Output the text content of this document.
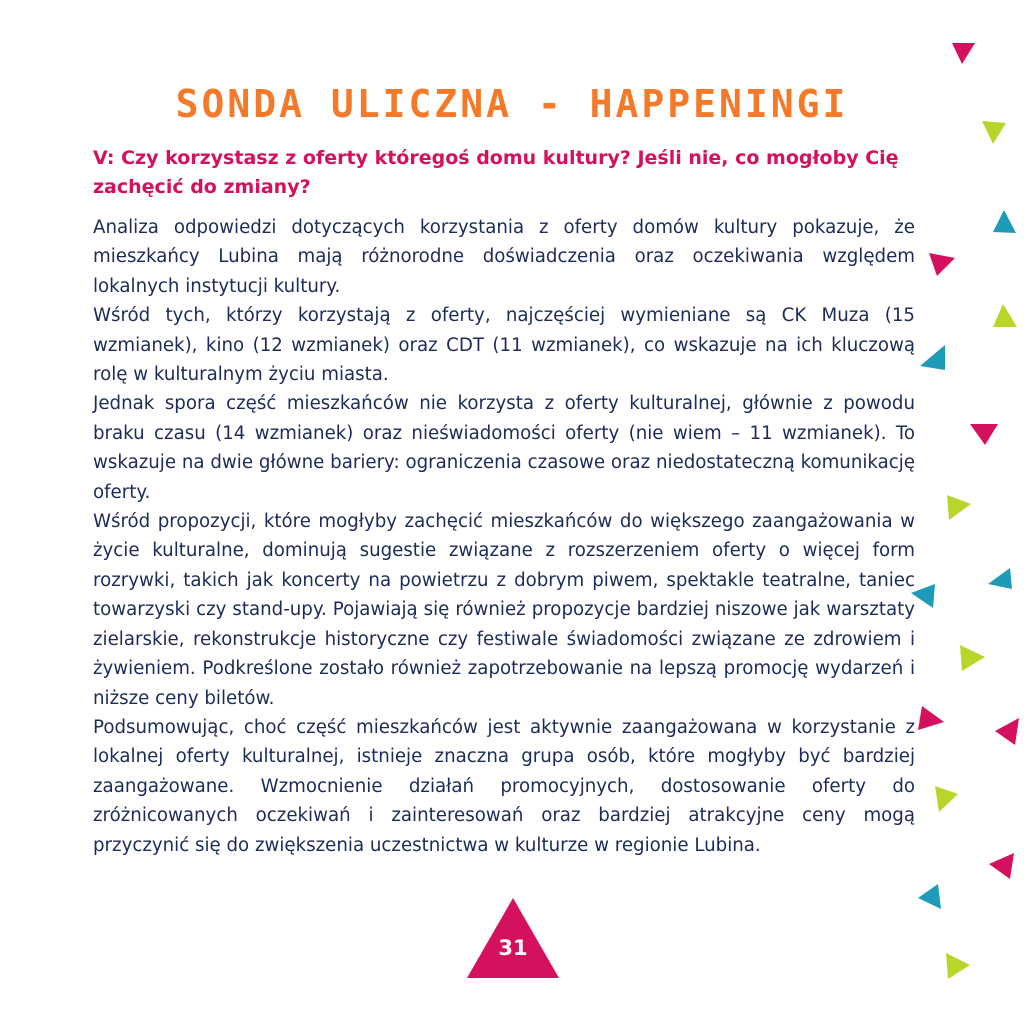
SONDA ULICZNA - HAPPENINGI
V: Czy korzystasz z oferty któregoś domu kultury? Jeśli nie, co mogłoby Cię zachęcić do zmiany?

Analiza odpowiedzi dotyczących korzystania z oferty domów kultury pokazuje, że mieszkańcy Lubina mają różnorodne doświadczenia oraz oczekiwania względem lokalnych instytucji kultury.

Wśród tych, którzy korzystają z oferty, najczęściej wymieniane są CK Muza (15 wzmianek), kino (12 wzmianek) oraz CDT (11 wzmianek), co wskazuje na ich kluczową rolę w kulturalnym życiu miasta.

Jednak spora część mieszkańców nie korzysta z oferty kulturalnej, głównie z powodu braku czasu (14 wzmianek) oraz nieświadomości oferty (nie wiem – 11 wzmianek). To wskazuje na dwie główne bariery: ograniczenia czasowe oraz niedostateczną komunikację oferty.

Wśród propozycji, które mogłyby zachęcić mieszkańców do większego zaangażowania w życie kulturalne, dominują sugestie związane z rozszerzeniem oferty o więcej form rozrywki, takich jak koncerty na powietrzu z dobrym piwem, spektakle teatralne, taniec towarzyski czy stand-upy. Pojawiają się również propozycje bardziej niszowe jak warsztaty zielarskie, rekonstrukcje historyczne czy festiwale świadomości związane ze zdrowiem i żywieniem. Podkreślone zostało również zapotrzebowanie na lepszą promocję wydarzeń i niższe ceny biletów.

Podsumowując, choć część mieszkańców jest aktywnie zaangażowana w korzystanie z lokalnej oferty kulturalnej, istnieje znaczna grupa osób, które mogłyby być bardziej zaangażowane. Wzmocnienie działań promocyjnych, dostosowanie oferty do zróżnicowanych oczekiwań i zainteresowań oraz bardziej atrakcyjne ceny mogą przyczynić się do zwiększenia uczestnictwa w kulturze w regionie Lubina.

31
